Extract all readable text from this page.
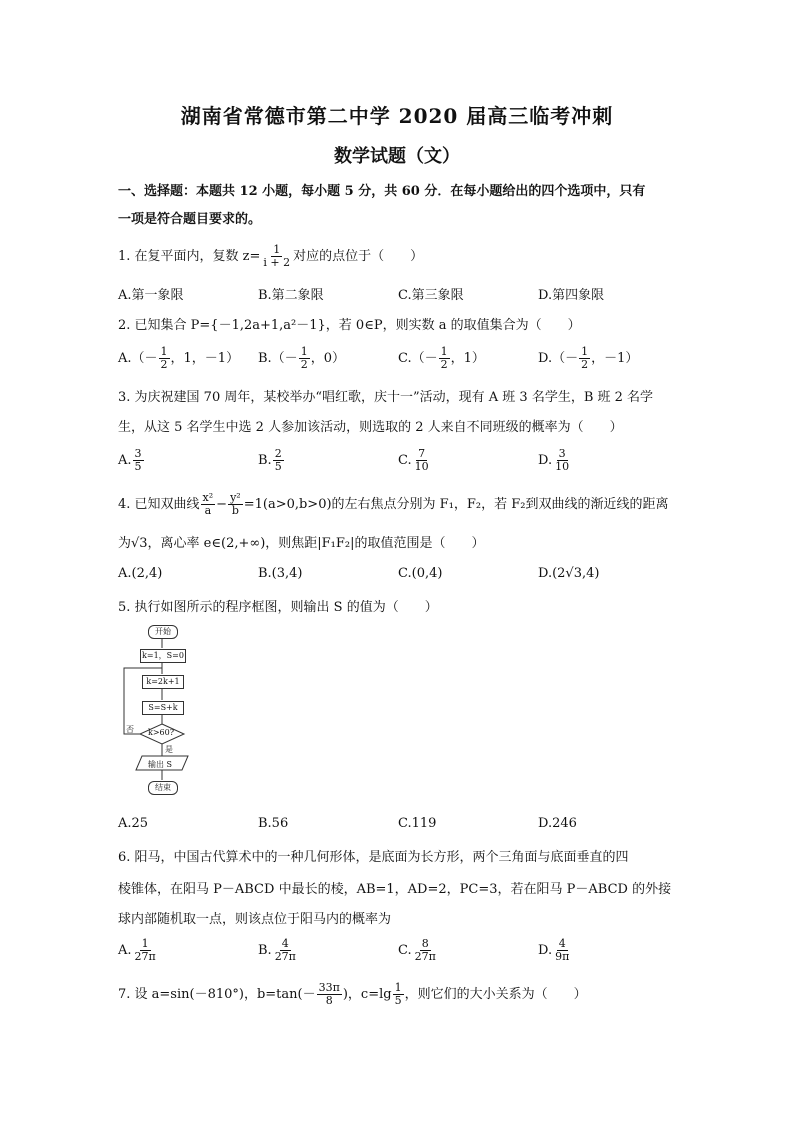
湖南省常德市第二中学 2020 届高三临考冲刺
数学试题（文）
一、选择题：本题共 12 小题，每小题 5 分，共 60 分．在每小题给出的四个选项中，只有
一项是符合题目要求的。
1. 在复平面内，复数 $z= \frac{1}{i + 2}$ 对应的点位于（　　）
A.第一象限	B.第二象限	C.第三象限	D.第四象限
2. 已知集合 P={－1,2a+1,a²－1}，若 0∈P，则实数 a 的取值集合为（　　）
$A.(- \frac{1}{2}$ ，1，－1） $B.(- \frac{1}{2}$ ，0）	$C.(- \frac{1}{2}$ ，1）	$D.(- \frac{1}{2}$ ，－1）
3. 为庆祝建国 70 周年，某校举办“唱红歌，庆十一”活动，现有 A 班 3 名学生，B 班 2 名学
生，从这 5 名学生中选 2 人参加该活动，则选取的 2 人来自不同班级的概率为（　　）
A. $\frac{3}{5}$	B. $\frac{2}{5}$	C. $\frac{7}{10}$	D. $\frac{3}{10}$
4. 已知双曲线 $\frac{\text{x²}}{a} - \frac{\text{y²}}{b} =1(a>0,b>0)$的左右焦点分别为 F₁，F₂，若 F₂到双曲线的渐近线的距离
为√3，离心率 e∈(2,+∞)，则焦距|F₁F₂|的取值范围是（　　）
A.(2,4)	B.(3,4)	C.(0,4)	D.(2√3,4)
5. 执行如图所示的程序框图，则输出 S 的值为（　　）
开始
k=1，S=0
k=2k+1
S=S+k
k>60?
否
是
输出 S
结束
A.25	B.56	C.119	D.246
6. 阳马，中国古代算术中的一种几何形体，是底面为长方形，两个三角面与底面垂直的四
棱锥体，在阳马 P－ABCD 中最长的棱，AB=1，AD=2，PC=3，若在阳马 P－ABCD 的外接
球内部随机取一点，则该点位于阳马内的概率为
A. $\frac{1}{27\pi}$	B. $\frac{4}{27\pi}$	C. $\frac{8}{27\pi}$	D. $\frac{4}{9\pi}$
7. 设 a=sin(－810°)，$b=\tan(- \frac{33\pi}{8}$ )，$c=\lg \frac{1}{5}$ ，则它们的大小关系为（　　）
